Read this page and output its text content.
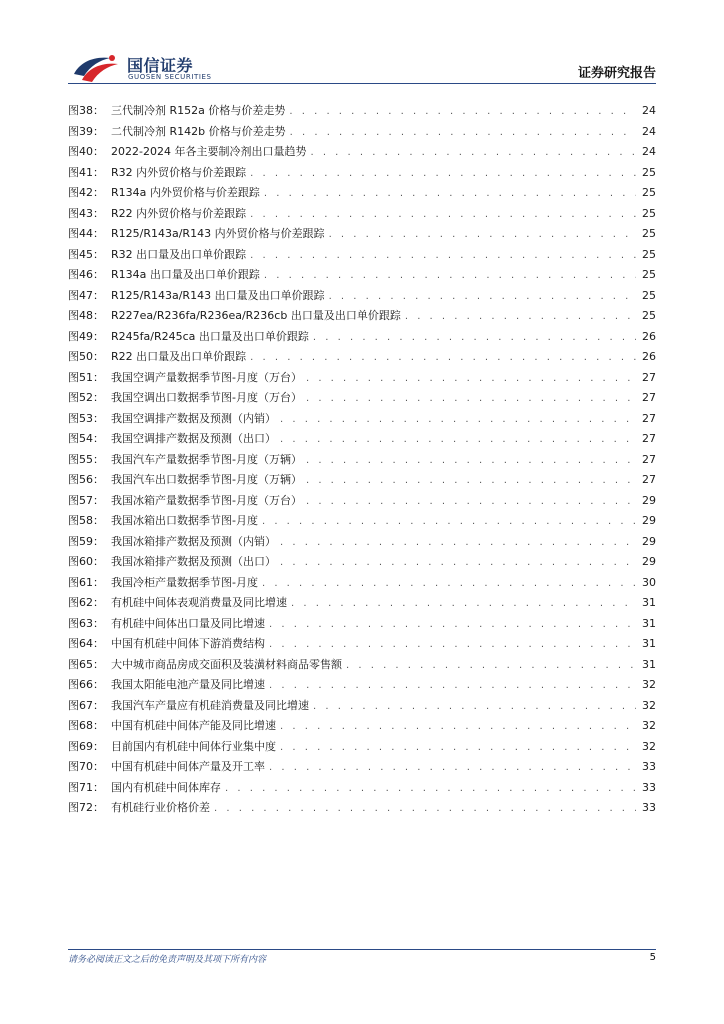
国信证券
GUOSEN SECURITIES	证券研究报告
图38： 三代制冷剂 R152a 价格与价差走势 . . .	24
图39： 二代制冷剂 R142b 价格与价差走势 . . .	24
图40： 2022-2024 年各主要制冷剂出口量趋势 . . .	24
图41： R32 内外贸价格与价差跟踪 . . .	25
图42： R134a 内外贸价格与价差跟踪 . . .	25
图43： R22 内外贸价格与价差跟踪 . . .	25
图44： R125/R143a/R143 内外贸价格与价差跟踪 . . .	25
图45： R32 出口量及出口单价跟踪 . . .	25
图46： R134a 出口量及出口单价跟踪 . . .	25
图47： R125/R143a/R143 出口量及出口单价跟踪 . . .	25
图48： R227ea/R236fa/R236ea/R236cb 出口量及出口单价跟踪 . . .	25
图49： R245fa/R245ca 出口量及出口单价跟踪 . . .	26
图50： R22 出口量及出口单价跟踪 . . .	26
图51： 我国空调产量数据季节图-月度（万台） . . .	27
图52： 我国空调出口数据季节图-月度（万台） . . .	27
图53： 我国空调排产数据及预测（内销） . . .	27
图54： 我国空调排产数据及预测（出口） . . .	27
图55： 我国汽车产量数据季节图-月度（万辆） . . .	27
图56： 我国汽车出口数据季节图-月度（万辆） . . .	27
图57： 我国冰箱产量数据季节图-月度（万台） . . .	29
图58： 我国冰箱出口数据季节图-月度 . . .	29
图59： 我国冰箱排产数据及预测（内销） . . .	29
图60： 我国冰箱排产数据及预测（出口） . . .	29
图61： 我国冷柜产量数据季节图-月度 . . .	30
图62： 有机硅中间体表观消费量及同比增速 . . .	31
图63： 有机硅中间体出口量及同比增速 . . .	31
图64： 中国有机硅中间体下游消费结构 . . .	31
图65： 大中城市商品房成交面积及装潢材料商品零售额 . . .	31
图66： 我国太阳能电池产量及同比增速 . . .	32
图67： 我国汽车产量应有机硅消费量及同比增速 . . .	32
图68： 中国有机硅中间体产能及同比增速 . . .	32
图69： 目前国内有机硅中间体行业集中度 . . .	32
图70： 中国有机硅中间体产量及开工率 . . .	33
图71： 国内有机硅中间体库存 . . .	33
图72： 有机硅行业价格价差 . . .	33
请务必阅读正文之后的免责声明及其项下所有内容	5
